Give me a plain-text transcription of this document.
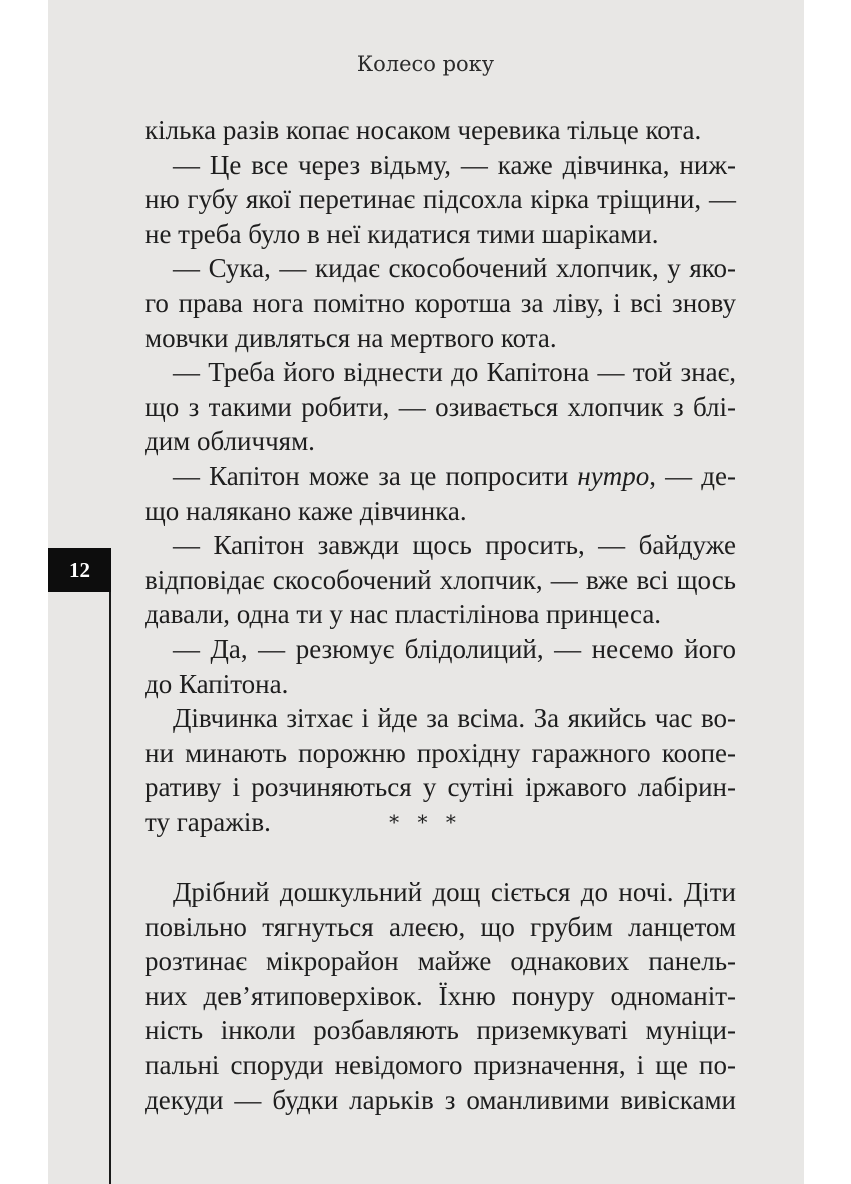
Колесо року
кілька разів копає носаком черевика тільце кота.
— Це все через відьму, — каже дівчинка, ниж-
ню губу якої перетинає підсохла кірка тріщини, —
не треба було в неї кидатися тими шаріками.
— Сука, — кидає скособочений хлопчик, у яко-
го права нога помітно коротша за ліву, і всі знову
мовчки дивляться на мертвого кота.
— Треба його віднести до Капітона — той знає,
що з такими робити, — озивається хлопчик з блі-
дим обличчям.
— Капітон може за це попросити нутро, — де-
що налякано каже дівчинка.
— Капітон завжди щось просить, — байдуже
відповідає скособочений хлопчик, — вже всі щось
давали, одна ти у нас пластілінова принцеса.
— Да, — резюмує блідолиций, — несемо його
до Капітона.
Дівчинка зітхає і йде за всіма. За якийсь час во-
ни минають порожню прохідну гаражного коопе-
ративу і розчиняються у сутіні іржавого лабірин-
ту гаражів.	* * *
Дрібний дошкульний дощ сіється до ночі. Діти
повільно тягнуться алеєю, що грубим ланцетом
розтинає мікрорайон майже однакових панель-
них дев’ятиповерхівок. Їхню понуру одноманіт-
ність інколи розбавляють приземкуваті муніци-
пальні споруди невідомого призначення, і ще по-
декуди — будки ларьків з оманливими вивісками
12
